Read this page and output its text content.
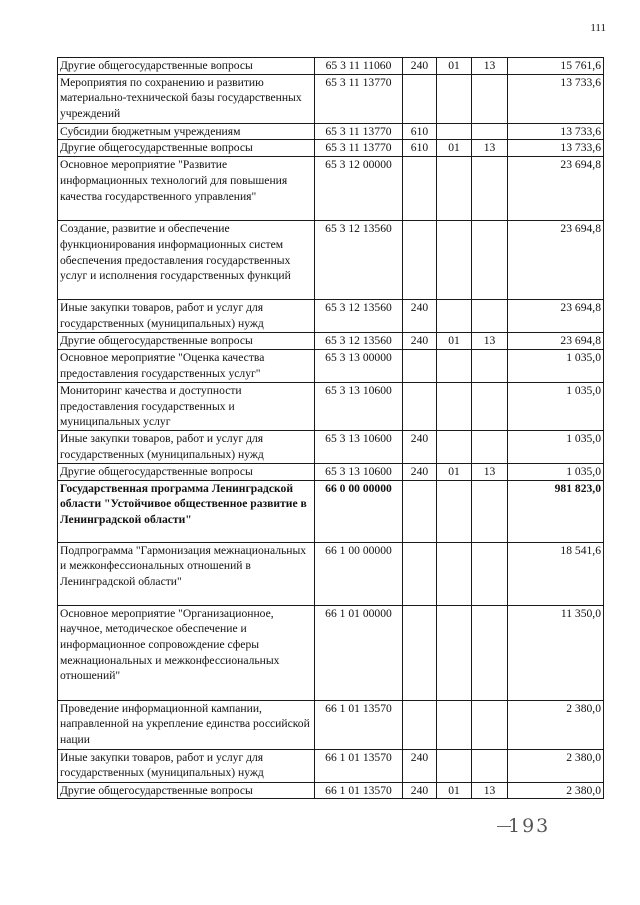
111
Другие общегосударственные вопросы	65 3 11 11060	240	01	13	15 761,6
Мероприятия по сохранению и развитию материально-технической базы государственных учреждений	65 3 11 13770				13 733,6
Субсидии бюджетным учреждениям	65 3 11 13770	610			13 733,6
Другие общегосударственные вопросы	65 3 11 13770	610	01	13	13 733,6
Основное мероприятие "Развитие информационных технологий для повышения качества государственного управления"	65 3 12 00000				23 694,8
Создание, развитие и обеспечение функционирования информационных систем обеспечения предоставления государственных услуг и исполнения государственных функций	65 3 12 13560				23 694,8
Иные закупки товаров, работ и услуг для государственных (муниципальных) нужд	65 3 12 13560	240			23 694,8
Другие общегосударственные вопросы	65 3 12 13560	240	01	13	23 694,8
Основное мероприятие "Оценка качества предоставления государственных услуг"	65 3 13 00000				1 035,0
Мониторинг качества и доступности предоставления государственных и муниципальных услуг	65 3 13 10600				1 035,0
Иные закупки товаров, работ и услуг для государственных (муниципальных) нужд	65 3 13 10600	240			1 035,0
Другие общегосударственные вопросы	65 3 13 10600	240	01	13	1 035,0
Государственная программа Ленинградской области "Устойчивое общественное развитие в Ленинградской области"	66 0 00 00000				981 823,0
Подпрограмма "Гармонизация межнациональных и межконфессиональных отношений в Ленинградской области"	66 1 00 00000				18 541,6
Основное мероприятие "Организационное, научное, методическое обеспечение и информационное сопровождение сферы межнациональных и межконфессиональных отношений"	66 1 01 00000				11 350,0
Проведение информационной кампании, направленной на укрепление единства российской нации	66 1 01 13570				2 380,0
Иные закупки товаров, работ и услуг для государственных (муниципальных) нужд	66 1 01 13570	240			2 380,0
Другие общегосударственные вопросы	66 1 01 13570	240	01	13	2 380,0
193
